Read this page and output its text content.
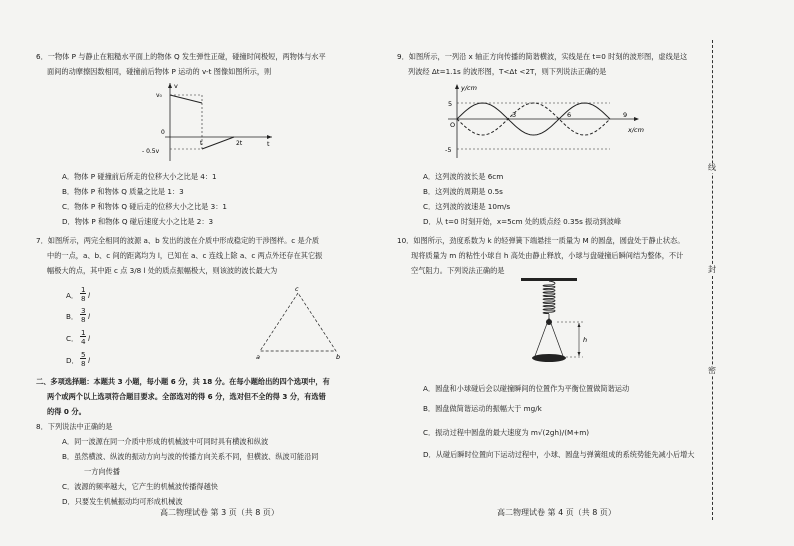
6．一物体 P 与静止在粗糙水平面上的物体 Q 发生弹性正碰，碰撞时间极短，两物体与水平
面间的动摩擦因数相同，碰撞前后物体 P 运动的 v-t 图像如图所示，则
v
t
v₀
0
- 0.5v
t	2t
A．物体 P 碰撞前后所走的位移大小之比是 4：1
B．物体 P 和物体 Q 质量之比是 1：3
C．物体 P 和物体 Q 碰后走的位移大小之比是 3：1
D．物体 P 和物体 Q 碰后速度大小之比是 2：3
7．如图所示，两完全相同的波源 a、b 发出的波在介质中形成稳定的干涉图样。c 是介质
中的一点，a、b、c 间的距离均为 l，已知在 a、c 连线上除 a、c 两点外还存在其它振
幅极大的点，其中距 c 点 3/8 l 处的质点振幅极大，则该波的波长最大为
A．
1
8 l
B．
3
8 l
C．
1
4 l
D．
5
8 l
c
a	b
二、多项选择题：本题共 3 小题，每小题 6 分，共 18 分。在每小题给出的四个选项中，有
两个或两个以上选项符合题目要求。全部选对的得 6 分，选对但不全的得 3 分，有选错
的得 0 分。
8．下列说法中正确的是
A．同一波源在同一介质中形成的机械波中可同时具有横波和纵波
B．虽然横波、纵波的振动方向与波的传播方向关系不同，但横波、纵波可能沿同
一方向传播
C．波源的频率越大，它产生的机械波传播得越快
D．只要发生机械振动均可形成机械波
高二物理试卷 第 3 页（共 8 页）
9．如图所示，一列沿 x 轴正方向传播的简谐横波，实线是在 t=0 时刻的波形图，虚线是这
列波经 Δt=1.1s 的波形图，T<Δt <2T，则下列说法正确的是
y/cm
x/cm
5
-5
O
3	6	9
A．这列波的波长是 6cm
B．这列波的周期是 0.5s
C．这列波的波速是 10m/s
D．从 t=0 时刻开始，x=5cm 处的质点经 0.35s 振动到波峰
10．如图所示，劲度系数为 k 的轻弹簧下端悬挂一质量为 M 的圆盘，圆盘处于静止状态。
现将质量为 m 的粘性小球自 h 高处由静止释放，小球与盘碰撞后瞬间结为整体，不计
空气阻力。下列说法正确的是
h
A．圆盘和小球碰后会以碰撞瞬间的位置作为平衡位置做简谐运动
B．圆盘做简谐运动的振幅大于 mg/k
C．振动过程中圆盘的最大速度为 m√(2gh)/(M+m)
D．从碰后瞬时位置向下运动过程中，小球、圆盘与弹簧组成的系统势能先减小后增大
高二物理试卷 第 4 页（共 8 页）
线
封
密
